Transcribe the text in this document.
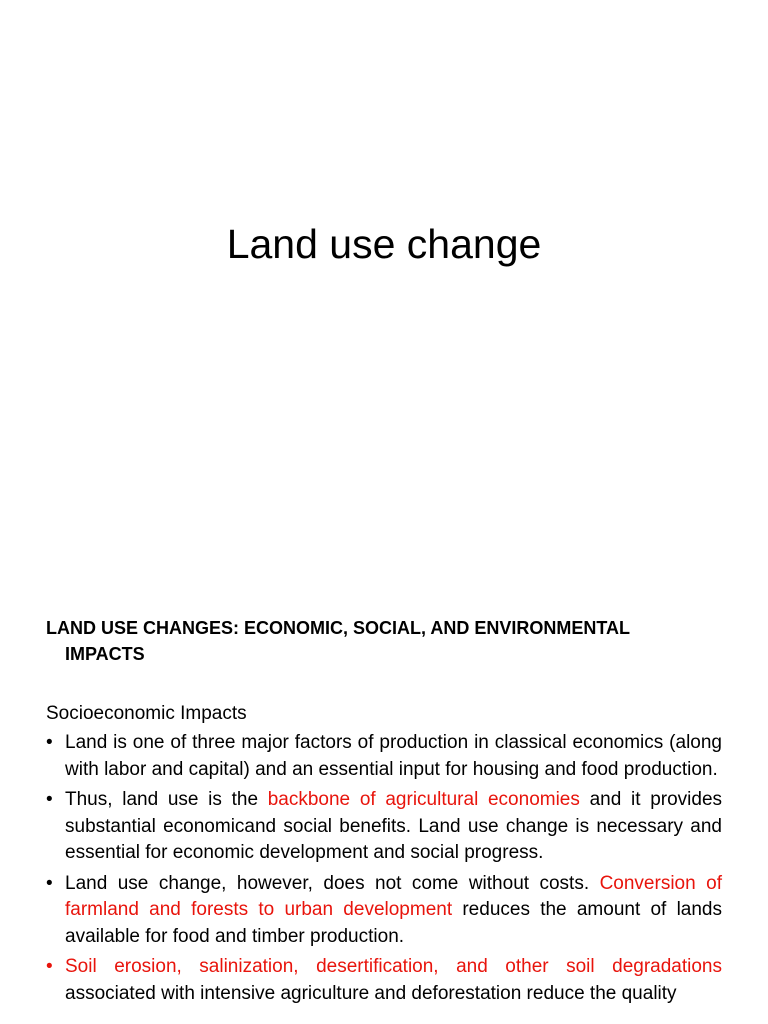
Land use change
LAND USE CHANGES: ECONOMIC, SOCIAL, AND ENVIRONMENTAL IMPACTS
Socioeconomic Impacts
• Land is one of three major factors of production in classical economics (along with labor and capital) and an essential input for housing and food production.
• Thus, land use is the backbone of agricultural economies and it provides substantial economicand social benefits. Land use change is necessary and essential for economic development and social progress.
• Land use change, however, does not come without costs. Conversion of farmland and forests to urban development reduces the amount of lands available for food and timber production.
• Soil erosion, salinization, desertification, and other soil degradations associated with intensive agriculture and deforestation reduce the quality
